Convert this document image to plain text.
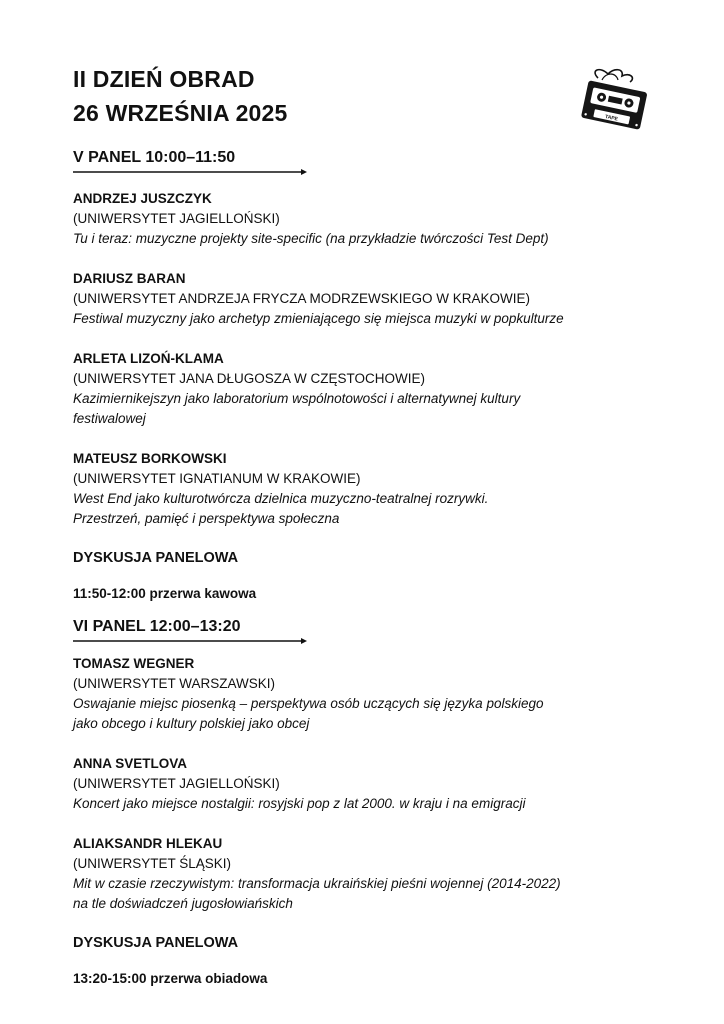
TAPE
II DZIEŃ OBRAD
26 WRZEŚNIA 2025
V PANEL 10:00–11:50
ANDRZEJ JUSZCZYK
(UNIWERSYTET JAGIELLOŃSKI)
Tu i teraz: muzyczne projekty site-specific (na przykładzie twórczości Test Dept)
DARIUSZ BARAN
(UNIWERSYTET ANDRZEJA FRYCZA MODRZEWSKIEGO W KRAKOWIE)
Festiwal muzyczny jako archetyp zmieniającego się miejsca muzyki w popkulturze
ARLETA LIZOŃ-KLAMA
(UNIWERSYTET JANA DŁUGOSZA W CZĘSTOCHOWIE)
Kazimiernikejszyn jako laboratorium wspólnotowości i alternatywnej kultury
festiwalowej
MATEUSZ BORKOWSKI
(UNIWERSYTET IGNATIANUM W KRAKOWIE)
West End jako kulturotwórcza dzielnica muzyczno-teatralnej rozrywki.
Przestrzeń, pamięć i perspektywa społeczna
DYSKUSJA PANELOWA
11:50-12:00 przerwa kawowa
VI PANEL 12:00–13:20
TOMASZ WEGNER
(UNIWERSYTET WARSZAWSKI)
Oswajanie miejsc piosenką – perspektywa osób uczących się języka polskiego
jako obcego i kultury polskiej jako obcej
ANNA SVETLOVA
(UNIWERSYTET JAGIELLOŃSKI)
Koncert jako miejsce nostalgii: rosyjski pop z lat 2000. w kraju i na emigracji
ALIAKSANDR HLEKAU
(UNIWERSYTET ŚLĄSKI)
Mit w czasie rzeczywistym: transformacja ukraińskiej pieśni wojennej (2014-2022)
na tle doświadczeń jugosłowiańskich
DYSKUSJA PANELOWA
13:20-15:00 przerwa obiadowa
